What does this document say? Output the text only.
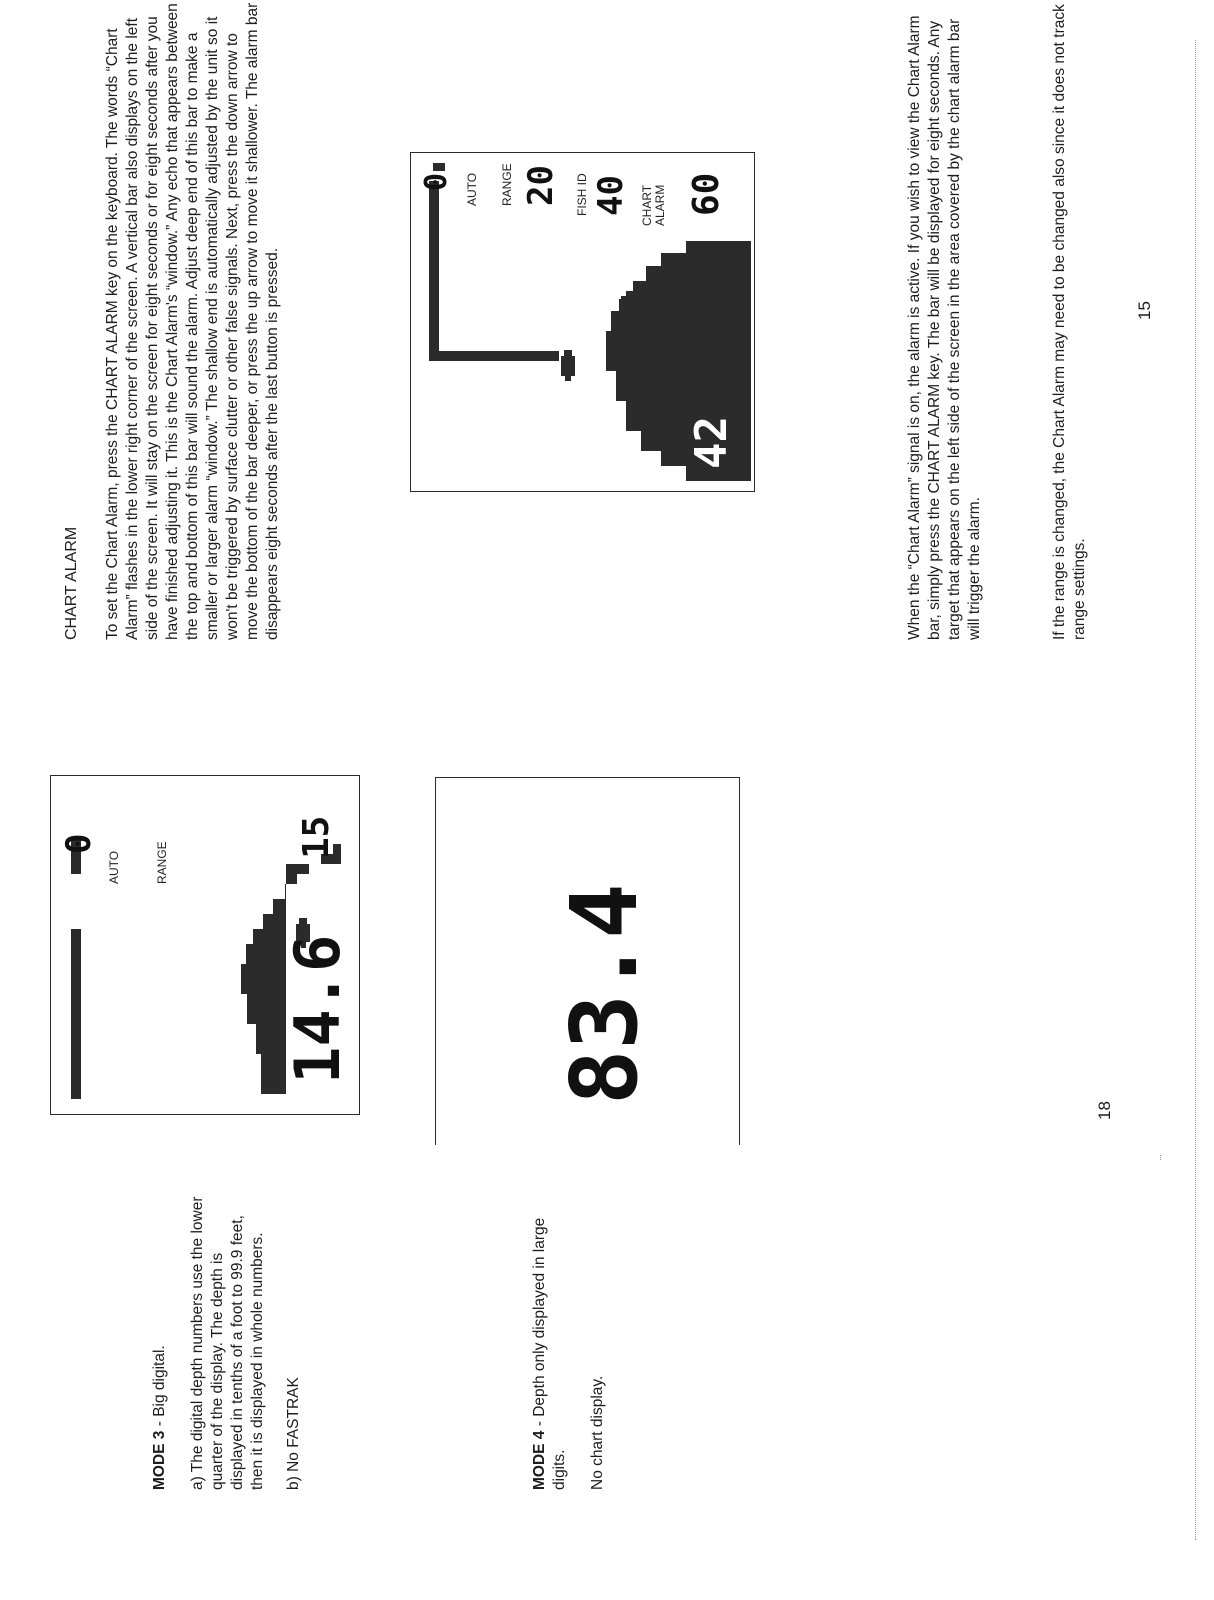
MODE 3 - Big digital. a) The digital depth numbers use the lower quarter of the display. The depth is displayed in tenths of a foot to 99.9 feet, then it is displayed in whole numbers. b) No FASTRAK

0
AUTO	RANGE
15
14.6

MODE 4 - Depth only displayed in large digits. No chart display.

83.4
18
CHART ALARM To set the Chart Alarm, press the CHART ALARM key on the keyboard. The words “Chart Alarm” flashes in the lower right corner of the screen. A vertical bar also displays on the left side of the screen. It will stay on the screen for eight seconds or for eight seconds after you have finished adjusting it. This is the Chart Alarm's “window.” Any echo that appears between the top and bottom of this bar will sound the alarm. Adjust deep end of this bar to make a smaller or larger alarm “window.” The shallow end is automatically adjusted by the unit so it won't be triggered by surface clutter or other false signals. Next, press the down arrow to move the bottom of the bar deeper, or press the up arrow to move it shallower. The alarm bar disappears eight seconds after the last button is pressed.	42
0 AUTO RANGE 20 FISH ID 40 CHART
ALARM 60	When the “Chart Alarm” signal is on, the alarm is active. If you wish to view the Chart Alarm bar, simply press the CHART ALARM key. The bar will be displayed for eight seconds. Any target that appears on the left side of the screen in the area covered by the chart alarm bar will trigger the alarm.	If the range is changed, the Chart Alarm may need to be changed also since it does not track range settings.
15
